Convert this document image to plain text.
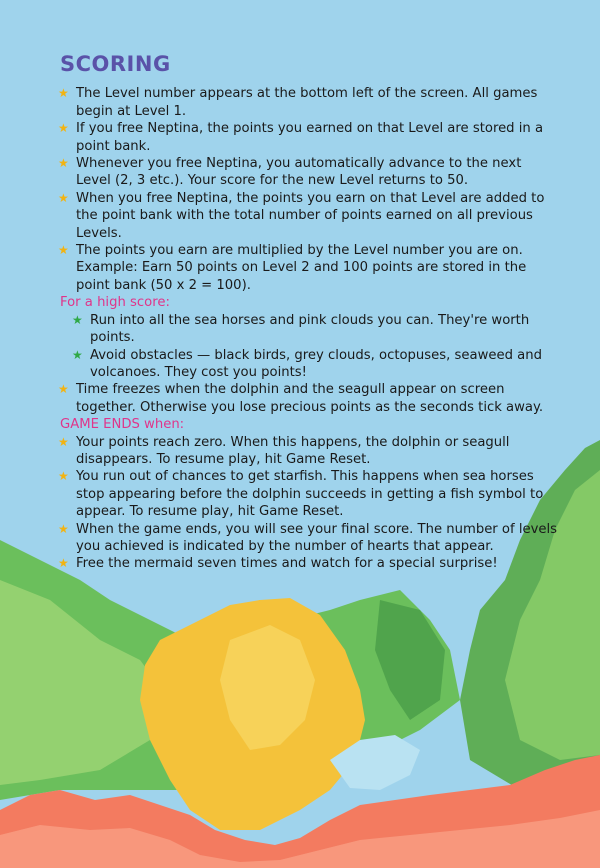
SCORING
★ The Level number appears at the bottom left of the screen. All games begin at Level 1.
★ If you free Neptina, the points you earned on that Level are stored in a point bank.
★ Whenever you free Neptina, you automatically advance to the next Level (2, 3 etc.). Your score for the new Level returns to 50.
★ When you free Neptina, the points you earn on that Level are added to the point bank with the total number of points earned on all previous Levels.
★ The points you earn are multiplied by the Level number you are on. Example: Earn 50 points on Level 2 and 100 points are stored in the point bank (50 x 2 = 100).
For a high score:
★ Run into all the sea horses and pink clouds you can. They're worth points.
★ Avoid obstacles — black birds, grey clouds, octopuses, seaweed and volcanoes. They cost you points!
★ Time freezes when the dolphin and the seagull appear on screen together. Otherwise you lose precious points as the seconds tick away.
GAME ENDS when:
★ Your points reach zero. When this happens, the dolphin or seagull disappears. To resume play, hit Game Reset.
★ You run out of chances to get starfish. This happens when sea horses stop appearing before the dolphin succeeds in getting a fish symbol to appear. To resume play, hit Game Reset.
★ When the game ends, you will see your final score. The number of levels you achieved is indicated by the number of hearts that appear.
★ Free the mermaid seven times and watch for a special surprise!
